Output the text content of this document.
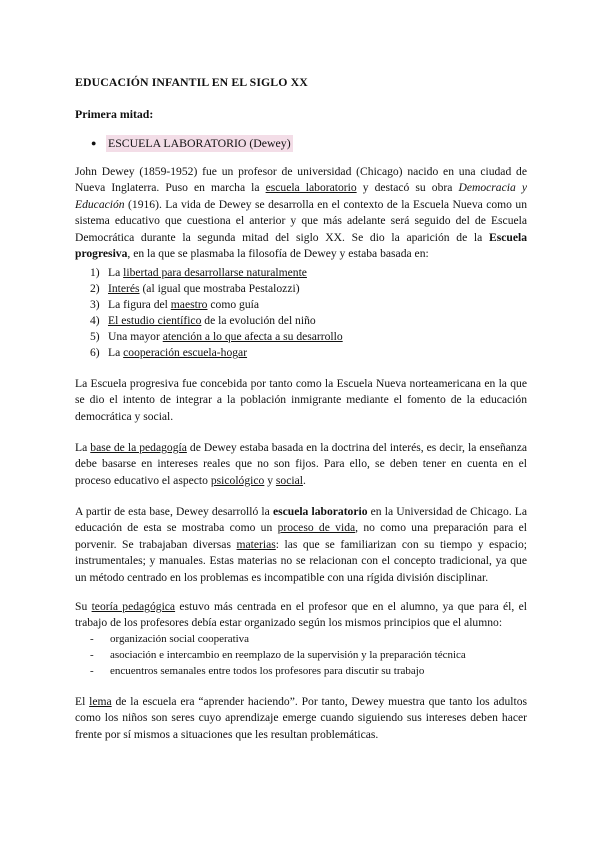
EDUCACIÓN INFANTIL EN EL SIGLO XX
Primera mitad:
● ESCUELA LABORATORIO (Dewey)

John Dewey (1859-1952) fue un profesor de universidad (Chicago) nacido en una ciudad de Nueva Inglaterra. Puso en marcha la escuela laboratorio y destacó su obra Democracia y Educación (1916). La vida de Dewey se desarrolla en el contexto de la Escuela Nueva como un sistema educativo que cuestiona el anterior y que más adelante será seguido del de Escuela Democrática durante la segunda mitad del siglo XX. Se dio la aparición de la Escuela progresiva, en la que se plasmaba la filosofía de Dewey y estaba basada en:

1) La libertad para desarrollarse naturalmente
2) Interés (al igual que mostraba Pestalozzi)
3) La figura del maestro como guía
4) El estudio científico de la evolución del niño
5) Una mayor atención a lo que afecta a su desarrollo
6) La cooperación escuela-hogar

La Escuela progresiva fue concebida por tanto como la Escuela Nueva norteamericana en la que se dio el intento de integrar a la población inmigrante mediante el fomento de la educación democrática y social.

La base de la pedagogía de Dewey estaba basada en la doctrina del interés, es decir, la enseñanza debe basarse en intereses reales que no son fijos. Para ello, se deben tener en cuenta en el proceso educativo el aspecto psicológico y social.

A partir de esta base, Dewey desarrolló la escuela laboratorio en la Universidad de Chicago. La educación de esta se mostraba como un proceso de vida, no como una preparación para el porvenir. Se trabajaban diversas materias: las que se familiarizan con su tiempo y espacio; instrumentales; y manuales. Estas materias no se relacionan con el concepto tradicional, ya que un método centrado en los problemas es incompatible con una rígida división disciplinar.

Su teoría pedagógica estuvo más centrada en el profesor que en el alumno, ya que para él, el trabajo de los profesores debía estar organizado según los mismos principios que el alumno:

-	organización social cooperativa
-	asociación e intercambio en reemplazo de la supervisión y la preparación técnica
-	encuentros semanales entre todos los profesores para discutir su trabajo

El lema de la escuela era “aprender haciendo”. Por tanto, Dewey muestra que tanto los adultos como los niños son seres cuyo aprendizaje emerge cuando siguiendo sus intereses deben hacer frente por sí mismos a situaciones que les resultan problemáticas.
